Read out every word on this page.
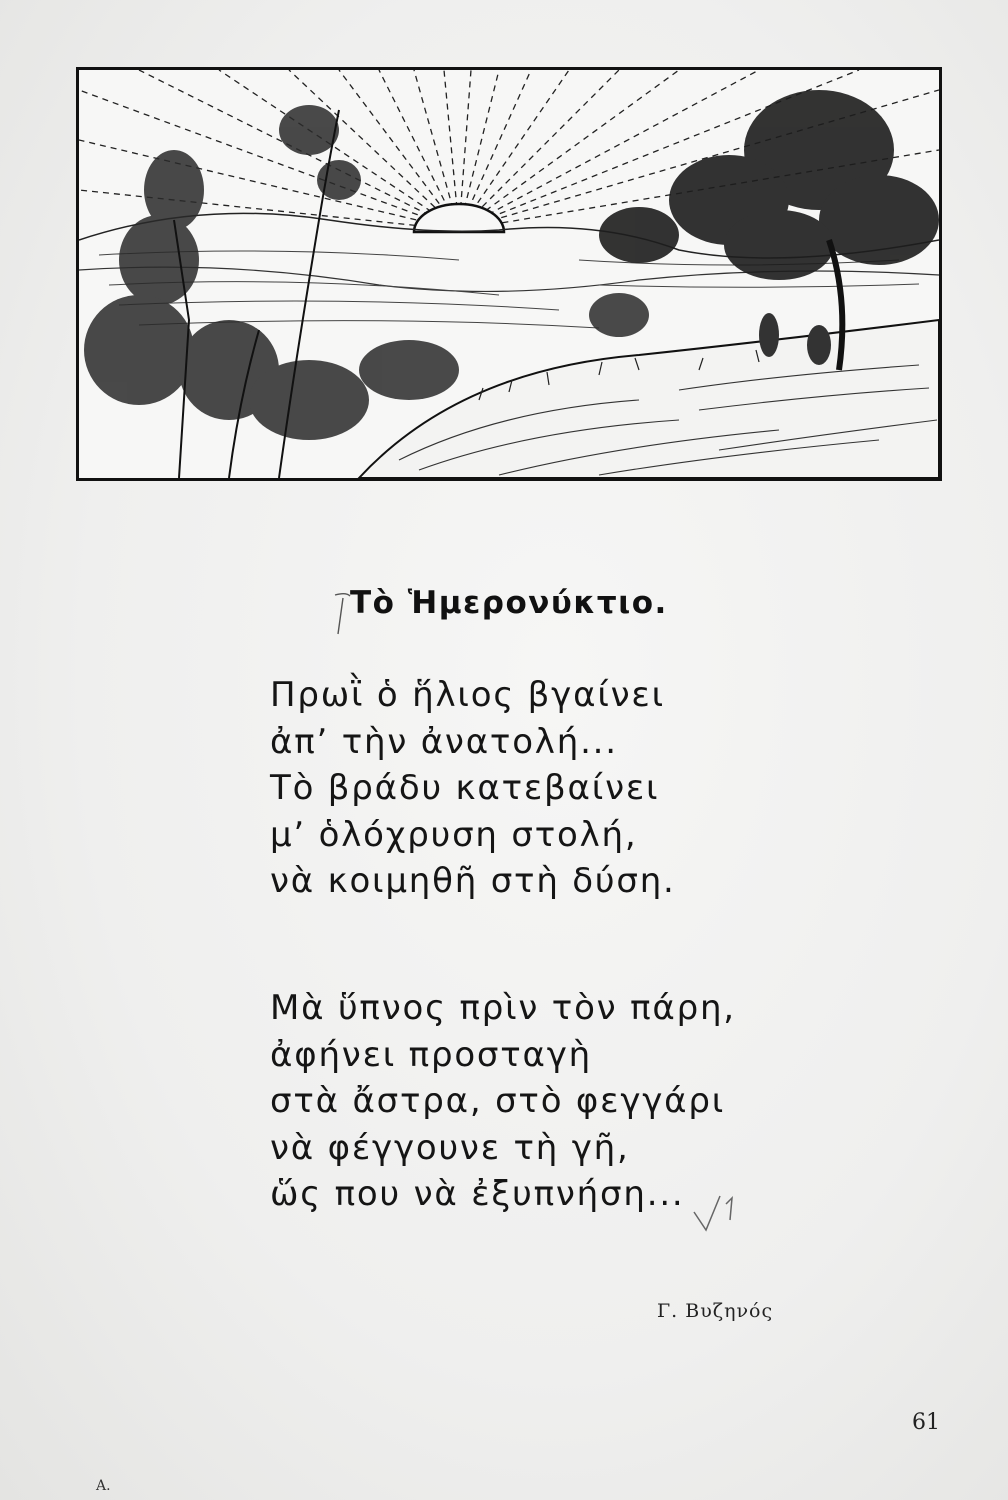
Τὸ Ἡμερονύκτιο.
Πρωῒ ὁ ἥλιος βγαίνει
ἀπ’ τὴν ἀνατολή...
Τὸ βράδυ κατεβαίνει
μ’ ὁλόχρυση στολή,
νὰ κοιμηθῆ στὴ δύση.
Μὰ ὕπνος πρὶν τὸν πάρη,
ἀφήνει προσταγὴ
στὰ ἄστρα, στὸ φεγγάρι
νὰ φέγγουνε τὴ γῆ,
ὥς που νὰ ἐξυπνήση...
Γ. Βυζηνός
61
Α.
